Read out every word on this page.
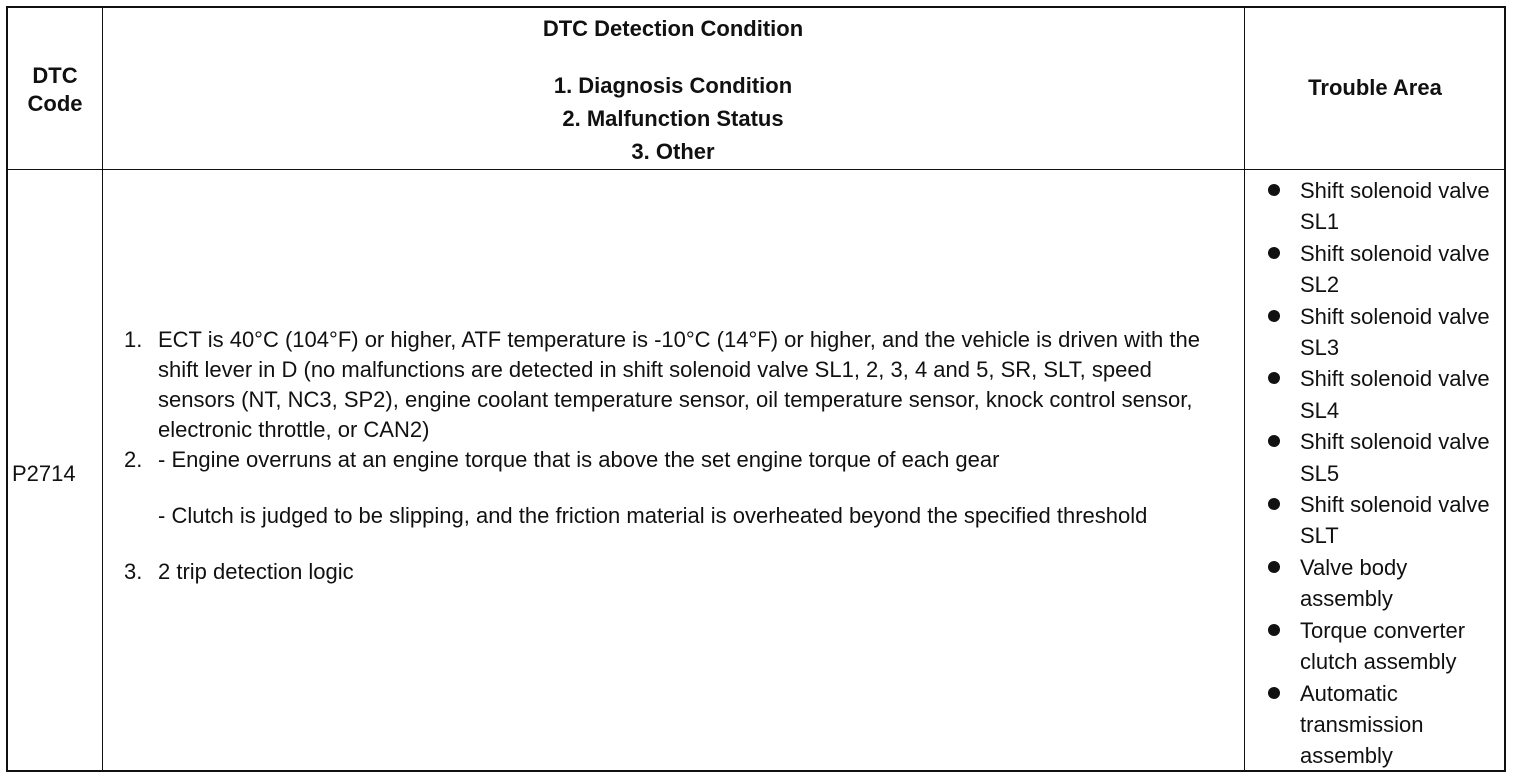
DTC
Code
DTC Detection Condition
1. Diagnosis Condition
2. Malfunction Status
3. Other
Trouble Area
P2714
1. ECT is 40°C (104°F) or higher, ATF temperature is -10°C (14°F) or higher, and the vehicle is driven with the shift lever in D (no malfunctions are detected in shift solenoid valve SL1, 2, 3, 4 and 5, SR, SLT, speed sensors (NT, NC3, SP2), engine coolant temperature sensor, oil temperature sensor, knock control sensor, electronic throttle, or CAN2)
2. - Engine overruns at an engine torque that is above the set engine torque of each gear
- Clutch is judged to be slipping, and the friction material is overheated beyond the specified threshold
3. 2 trip detection logic
Shift solenoid valve SL1
Shift solenoid valve SL2
Shift solenoid valve SL3
Shift solenoid valve SL4
Shift solenoid valve SL5
Shift solenoid valve SLT
Valve body assembly
Torque converter clutch assembly
Automatic transmission assembly
